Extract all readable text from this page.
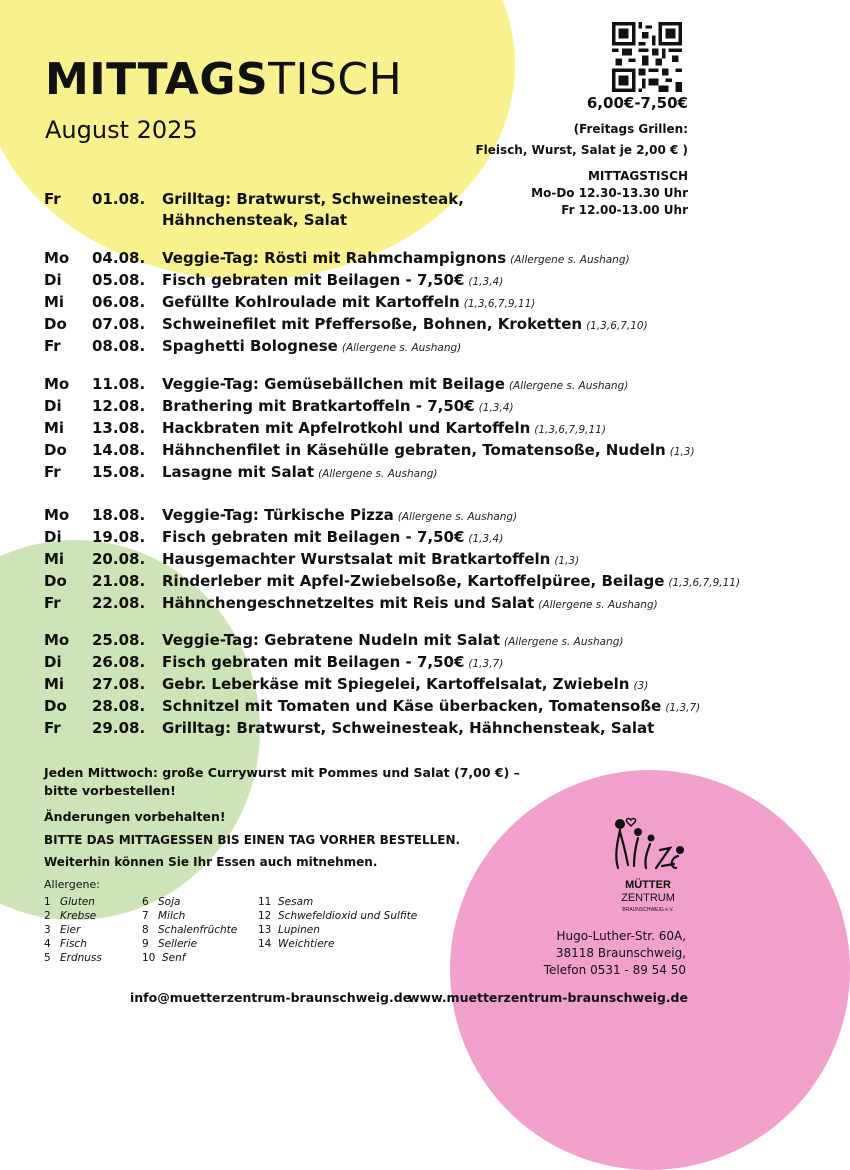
MITTAGSTISCH
August 2025
6,00€-7,50€
(Freitags Grillen:
Fleisch, Wurst, Salat je 2,00 € )
MITTAGSTISCH
Mo-Do 12.30-13.30 Uhr
Fr 12.00-13.00 Uhr
Fr	01.08.	Grilltag: Bratwurst, Schweinesteak,
Hähnchensteak, Salat
Mo	04.08.	Veggie-Tag: Rösti mit Rahmchampignons (Allergene s. Aushang)
Di	05.08.	Fisch gebraten mit Beilagen - 7,50€ (1,3,4)
Mi	06.08.	Gefüllte Kohlroulade mit Kartoffeln (1,3,6,7,9,11)
Do	07.08.	Schweinefilet mit Pfeffersoße, Bohnen, Kroketten (1,3,6,7,10)
Fr	08.08.	Spaghetti Bolognese (Allergene s. Aushang)
Mo	11.08.	Veggie-Tag: Gemüsebällchen mit Beilage (Allergene s. Aushang)
Di	12.08.	Brathering mit Bratkartoffeln - 7,50€ (1,3,4)
Mi	13.08.	Hackbraten mit Apfelrotkohl und Kartoffeln (1,3,6,7,9,11)
Do	14.08.	Hähnchenfilet in Käsehülle gebraten, Tomatensoße, Nudeln (1,3)
Fr	15.08.	Lasagne mit Salat (Allergene s. Aushang)
Mo	18.08.	Veggie-Tag: Türkische Pizza (Allergene s. Aushang)
Di	19.08.	Fisch gebraten mit Beilagen - 7,50€ (1,3,4)
Mi	20.08.	Hausgemachter Wurstsalat mit Bratkartoffeln (1,3)
Do	21.08.	Rinderleber mit Apfel-Zwiebelsoße, Kartoffelpüree, Beilage (1,3,6,7,9,11)
Fr	22.08.	Hähnchengeschnetzeltes mit Reis und Salat (Allergene s. Aushang)
Mo	25.08.	Veggie-Tag: Gebratene Nudeln mit Salat (Allergene s. Aushang)
Di	26.08.	Fisch gebraten mit Beilagen - 7,50€ (1,3,7)
Mi	27.08.	Gebr. Leberkäse mit Spiegelei, Kartoffelsalat, Zwiebeln (3)
Do	28.08.	Schnitzel mit Tomaten und Käse überbacken, Tomatensoße (1,3,7)
Fr	29.08.	Grilltag: Bratwurst, Schweinesteak, Hähnchensteak, Salat
Jeden Mittwoch: große Currywurst mit Pommes und Salat (7,00 €) –
bitte vorbestellen!
Änderungen vorbehalten!
BITTE DAS MITTAGESSEN BIS EINEN TAG VORHER BESTELLEN.
Weiterhin können Sie Ihr Essen auch mitnehmen.
Allergene:
1 Gluten
2 Krebse
3 Eier
4 Fisch
5 Erdnuss
6 Soja
7 Milch
8 Schalenfrüchte
9 Sellerie
10 Senf
11 Sesam
12 Schwefeldioxid und Sulfite
13 Lupinen
14 Weichtiere
MÜTTER
ZENTRUM
BRAUNSCHWEIG e.V.
Hugo-Luther-Str. 60A,
38118 Braunschweig,
Telefon 0531 - 89 54 50
info@muetterzentrum-braunschweig.de
www.muetterzentrum-braunschweig.de
